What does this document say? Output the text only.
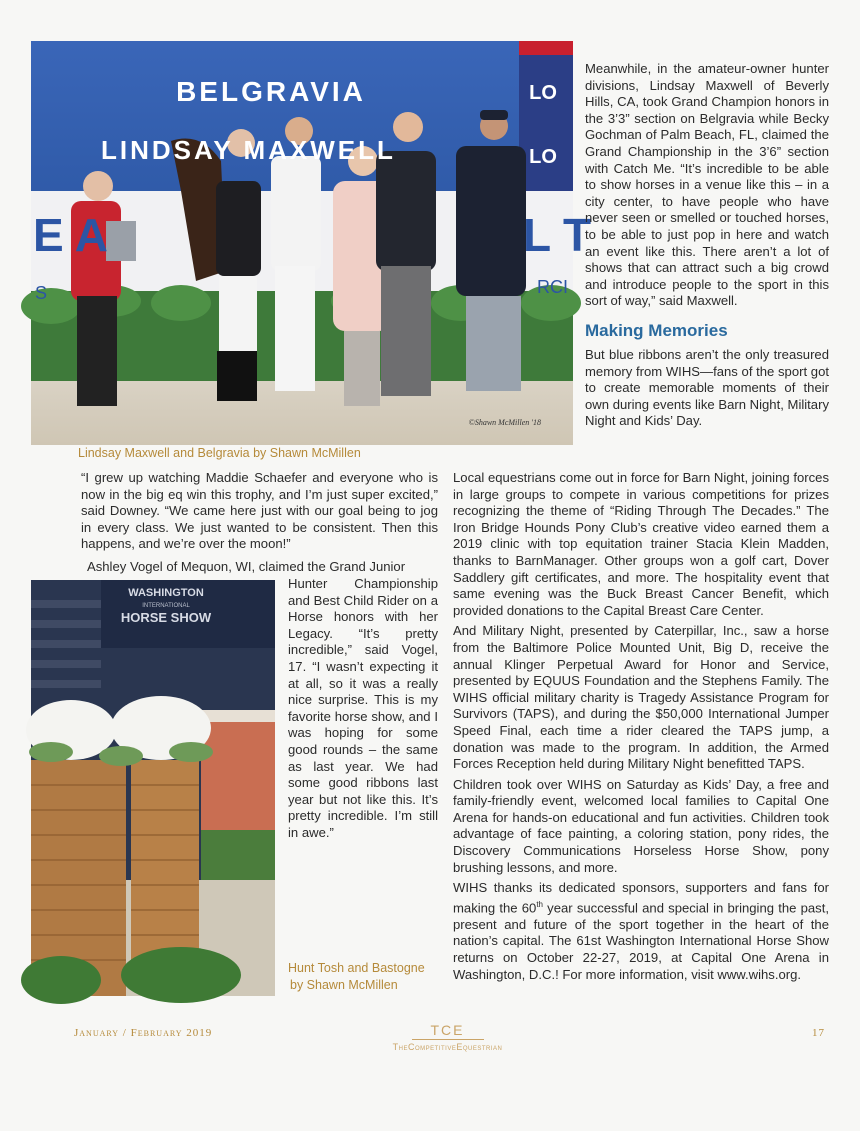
BELGRAVIA
LINDSAY MAXWELL
LO
LO
E A	L T
S	RCI
©Shawn McMillen '18
Lindsay Maxwell and Belgravia by Shawn McMillen

Meanwhile, in the amateur-owner hunter divisions, Lindsay Maxwell of Beverly Hills, CA, took Grand Champion honors in the 3’3” section on Belgravia while Becky Gochman of Palm Beach, FL, claimed the Grand Championship in the 3’6” section with Catch Me. “It’s incredible to be able to show horses in a venue like this – in a city center, to have people who have never seen or smelled or touched horses, to be able to just pop in here and watch an event like this. There aren’t a lot of shows that can attract such a big crowd and introduce people to the sport in this sort of way,” said Maxwell.

Making Memories

But blue ribbons aren’t the only treasured memory from WIHS—fans of the sport got to create memorable moments of their own during events like Barn Night, Military Night and Kids’ Day.

“I grew up watching Maddie Schaefer and everyone who is now in the big eq win this trophy, and I’m just super excited,” said Downey. “We came here just with our goal being to jog in every class. We just wanted to be consistent. Then this happens, and we’re over the moon!”

Ashley Vogel of Mequon, WI, claimed the Grand Junior

Hunter Championship and Best Child Rider on a Horse honors with her Legacy. “It’s pretty incredible,” said Vogel, 17. “I wasn’t expecting it at all, so it was a really nice surprise. This is my favorite horse show, and I was hoping for some good rounds – the same as last year. We had some good ribbons last year but not like this. It’s pretty incredible. I’m still in awe.”

WASHINGTON
INTERNATIONAL
HORSE SHOW
Hunt Tosh and Bastogne
by Shawn McMillen

Local equestrians come out in force for Barn Night, joining forces in large groups to compete in various competitions for prizes recognizing the theme of “Riding Through The Decades.” The Iron Bridge Hounds Pony Club’s creative video earned them a 2019 clinic with top equitation trainer Stacia Klein Madden, thanks to BarnManager. Other groups won a golf cart, Dover Saddlery gift certificates, and more. The hospitality event that same evening was the Buck Breast Cancer Benefit, which provided donations to the Capital Breast Care Center.

And Military Night, presented by Caterpillar, Inc., saw a horse from the Baltimore Police Mounted Unit, Big D, receive the annual Klinger Perpetual Award for Honor and Service, presented by EQUUS Foundation and the Stephens Family. The WIHS official military charity is Tragedy Assistance Program for Survivors (TAPS), and during the $50,000 International Jumper Speed Final, each time a rider cleared the TAPS jump, a donation was made to the program. In addition, the Armed Forces Reception held during Military Night benefitted TAPS.

Children took over WIHS on Saturday as Kids’ Day, a free and family-friendly event, welcomed local families to Capital One Arena for hands-on educational and fun activities. Children took advantage of face painting, a coloring station, pony rides, the Discovery Communications Horseless Horse Show, pony brushing lessons, and more.

WIHS thanks its dedicated sponsors, supporters and fans for making the 60th year successful and special in bringing the past, present and future of the sport together in the heart of the nation’s capital. The 61st Washington International Horse Show returns on October 22-27, 2019, at Capital One Arena in Washington, D.C.! For more information, visit www.wihs.org.

January / February 2019	TCE
TheCompetitiveEquestrian
17
